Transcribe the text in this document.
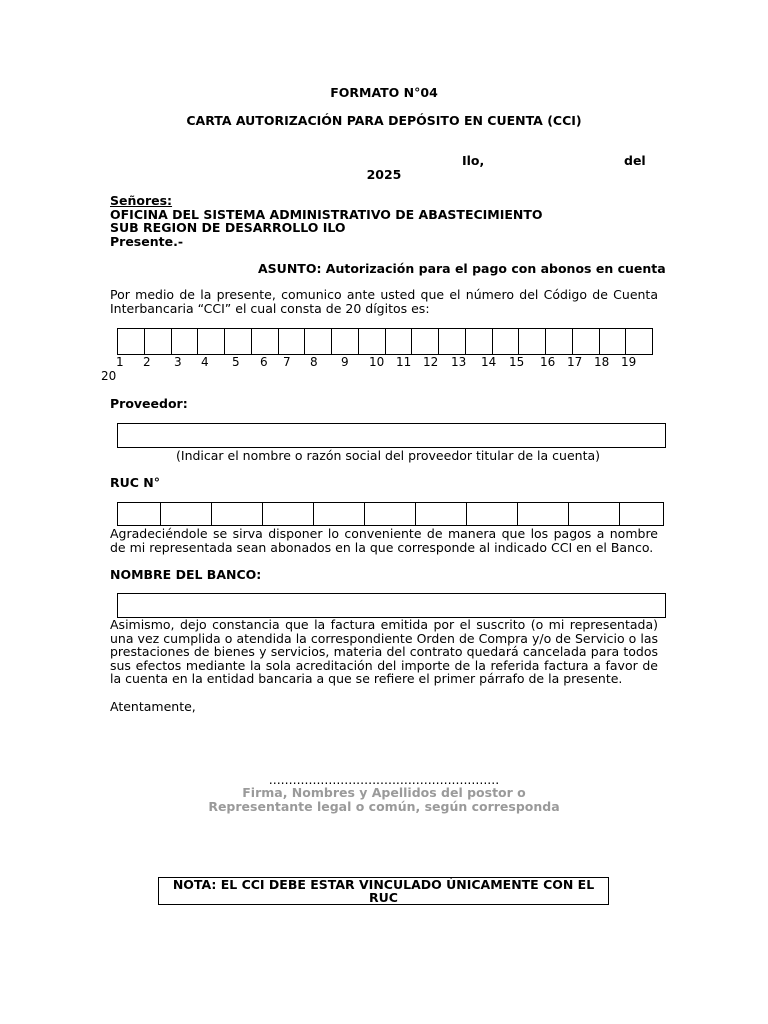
FORMATO N°04
CARTA AUTORIZACIÓN PARA DEPÓSITO EN CUENTA (CCI)
Ilo,	del
2025
Señores:
OFICINA DEL SISTEMA ADMINISTRATIVO DE ABASTECIMIENTO
SUB REGION DE DESARROLLO ILO
Presente.-
ASUNTO: Autorización para el pago con abonos en cuenta
Por medio de la presente, comunico ante usted que el número del Código de Cuenta Interbancaria “CCI” el cual consta de 20 dígitos es:
1 2 3 4 5 6 7 8 9 10 11 12 13 14 15 16 17 18 19
20
Proveedor:
(Indicar el nombre o razón social del proveedor titular de la cuenta)
RUC N°
Agradeciéndole se sirva disponer lo conveniente de manera que los pagos a nombre de mi representada sean abonados en la que corresponde al indicado CCI en el Banco.
NOMBRE DEL BANCO:
Asimismo, dejo constancia que la factura emitida por el suscrito (o mi representada) una vez cumplida o atendida la correspondiente Orden de Compra y/o de Servicio o las prestaciones de bienes y servicios, materia del contrato quedará cancelada para todos sus efectos mediante la sola acreditación del importe de la referida factura a favor de la cuenta en la entidad bancaria a que se refiere el primer párrafo de la presente.
Atentamente,
..........................................................
Firma, Nombres y Apellidos del postor o
Representante legal o común, según corresponda
NOTA: EL CCI DEBE ESTAR VINCULADO ÚNICAMENTE CON EL RUC
